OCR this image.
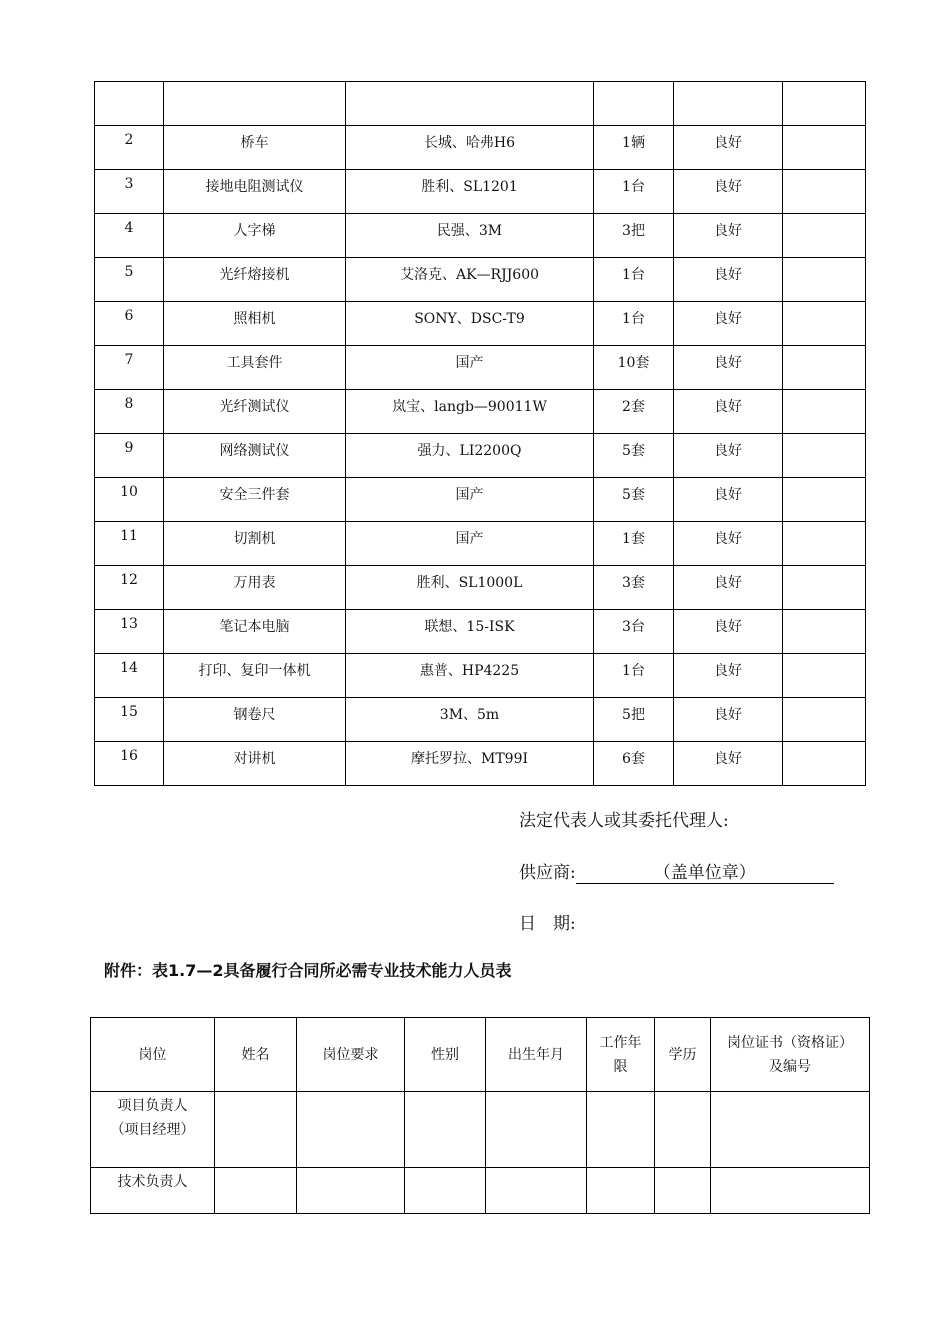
2	桥车	长城、哈弗H6	1辆	良好	
3	接地电阻测试仪	胜利、SL1201	1台	良好	
4	人字梯	民强、3M	3把	良好	
5	光纤熔接机	艾洛克、AK—RJJ600	1台	良好	
6	照相机	SONY、DSC-T9	1台	良好	
7	工具套件	国产	10套	良好	
8	光纤测试仪	岚宝、langb—90011W	2套	良好	
9	网络测试仪	强力、LI2200Q	5套	良好	
10	安全三件套	国产	5套	良好	
11	切割机	国产	1套	良好	
12	万用表	胜利、SL1000L	3套	良好	
13	笔记本电脑	联想、15-ISK	3台	良好	
14	打印、复印一体机	惠普、HP4225	1台	良好	
15	钢卷尺	3M、5m	5把	良好	
16	对讲机	摩托罗拉、MT99I	6套	良好	
法定代表人或其委托代理人:
供应商:	（盖单位章）
日　期:
附件：表1.7—2具备履行合同所必需专业技术能力人员表
岗位	姓名	岗位要求	性别	出生年月	工作年限	学历	岗位证书（资格证）及编号
项目负责人（项目经理）							
技术负责人							
